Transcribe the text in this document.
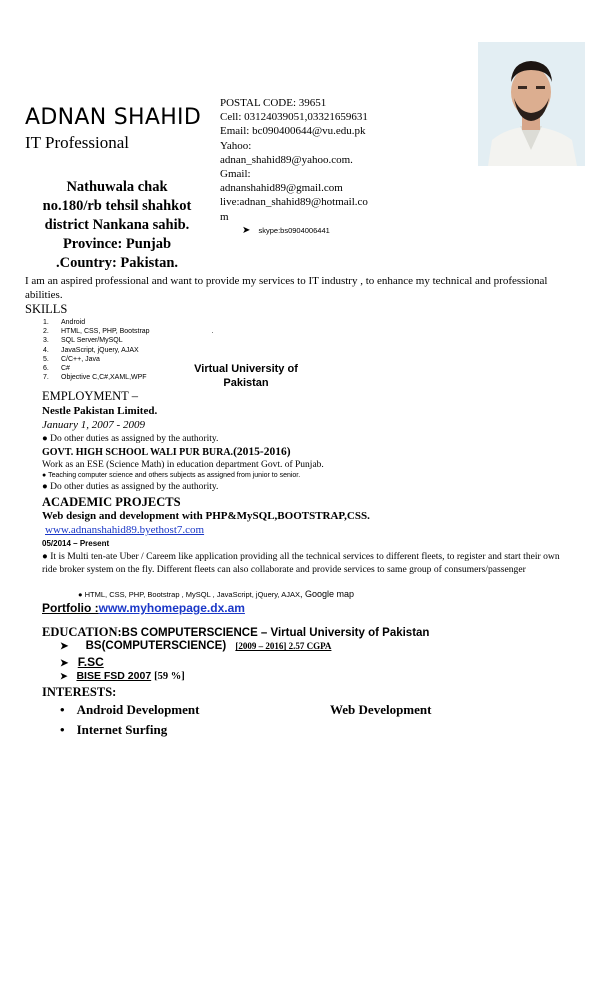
ADNAN SHAHID
IT Professional
Nathuwala chak
no.180/rb tehsil shahkot
district Nankana sahib.
Province: Punjab
.Country: Pakistan.
POSTAL CODE: 39651
Cell: 03124039051,03321659631
Email: bc090400644@vu.edu.pk
Yahoo:
adnan_shahid89@yahoo.com.
Gmail:
adnanshahid89@gmail.com
live:adnan_shahid89@hotmail.co
m
➤ skype:bs0904006441
I am an aspired professional and want to provide my services to IT industry , to enhance my technical and professional abilities.
SKILLS
1. Android
2. HTML, CSS, PHP, Bootstrap	.
3. SQL Server/MySQL
4. JavaScript, jQuery, AJAX
5. C/C++, Java
6. C#
7. Objective C,C#,XAML,WPF
Virtual University of
Pakistan
EMPLOYMENT –
Nestle Pakistan Limited.
January 1, 2007 - 2009
● Do other duties as assigned by the authority.
GOVT. HIGH SCHOOL WALI PUR BURA.(2015-2016)
Work as an ESE (Science Math) in education department Govt. of Punjab.
● Teaching computer science and others subjects as assigned from junior to senior.
● Do other duties as assigned by the authority.
ACADEMIC PROJECTS
Web design and development with PHP&MySQL,BOOTSTRAP,CSS.
www.adnanshahid89.byethost7.com
05/2014 – Present
● It is Multi ten-ate Uber / Careem like application providing all the technical services to different fleets, to register and start their own ride broker system on the fly. Different fleets can also collaborate and provide services to same group of consumers/passenger
● HTML, CSS, PHP, Bootstrap , MySQL , JavaScript, jQuery, AJAX, Google map
Portfolio :www.myhomepage.dx.am
EDUCATION:BS COMPUTERSCIENCE – Virtual University of Pakistan
➤ BS(COMPUTERSCIENCE) [2009 – 2016] 2.57 CGPA
➤ F.SC
➤ BISE FSD 2007 [59 %]
INTERESTS:
• Android Development	Web Development
• Internet Surfing
